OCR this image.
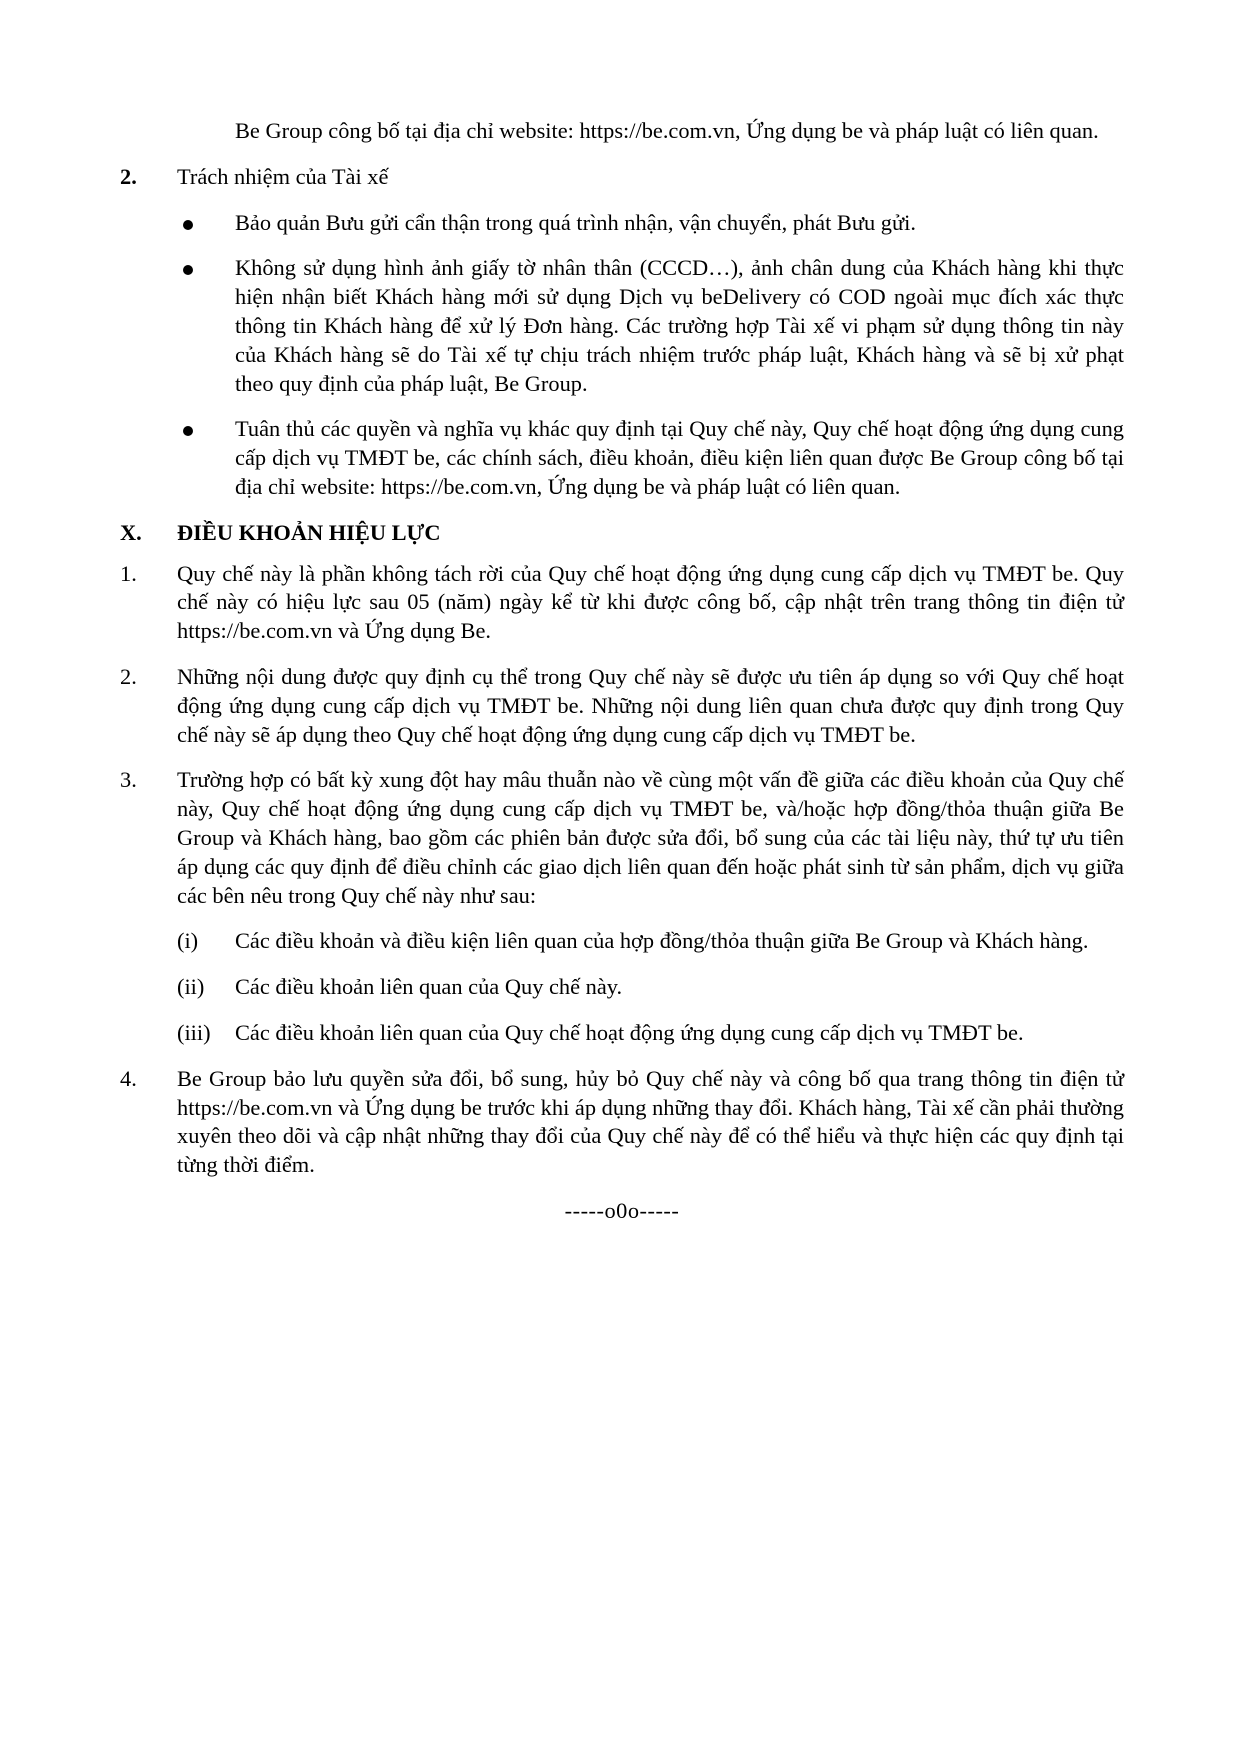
Be Group công bố tại địa chỉ website: https://be.com.vn, Ứng dụng be và pháp luật có liên quan.

2.	Trách nhiệm của Tài xế
Bảo quản Bưu gửi cẩn thận trong quá trình nhận, vận chuyển, phát Bưu gửi.
Không sử dụng hình ảnh giấy tờ nhân thân (CCCD…), ảnh chân dung của Khách hàng khi thực hiện nhận biết Khách hàng mới sử dụng Dịch vụ beDelivery có COD ngoài mục đích xác thực thông tin Khách hàng để xử lý Đơn hàng. Các trường hợp Tài xế vi phạm sử dụng thông tin này của Khách hàng sẽ do Tài xế tự chịu trách nhiệm trước pháp luật, Khách hàng và sẽ bị xử phạt theo quy định của pháp luật, Be Group.
Tuân thủ các quyền và nghĩa vụ khác quy định tại Quy chế này, Quy chế hoạt động ứng dụng cung cấp dịch vụ TMĐT be, các chính sách, điều khoản, điều kiện liên quan được Be Group công bố tại địa chỉ website: https://be.com.vn, Ứng dụng be và pháp luật có liên quan.
X.	ĐIỀU KHOẢN HIỆU LỰC
1.	Quy chế này là phần không tách rời của Quy chế hoạt động ứng dụng cung cấp dịch vụ TMĐT be. Quy chế này có hiệu lực sau 05 (năm) ngày kể từ khi được công bố, cập nhật trên trang thông tin điện tử https://be.com.vn và Ứng dụng Be.
2.	Những nội dung được quy định cụ thể trong Quy chế này sẽ được ưu tiên áp dụng so với Quy chế hoạt động ứng dụng cung cấp dịch vụ TMĐT be. Những nội dung liên quan chưa được quy định trong Quy chế này sẽ áp dụng theo Quy chế hoạt động ứng dụng cung cấp dịch vụ TMĐT be.
3.	Trường hợp có bất kỳ xung đột hay mâu thuẫn nào về cùng một vấn đề giữa các điều khoản của Quy chế này, Quy chế hoạt động ứng dụng cung cấp dịch vụ TMĐT be, và/hoặc hợp đồng/thỏa thuận giữa Be Group và Khách hàng, bao gồm các phiên bản được sửa đổi, bổ sung của các tài liệu này, thứ tự ưu tiên áp dụng các quy định để điều chỉnh các giao dịch liên quan đến hoặc phát sinh từ sản phẩm, dịch vụ giữa các bên nêu trong Quy chế này như sau:
(i)	Các điều khoản và điều kiện liên quan của hợp đồng/thỏa thuận giữa Be Group và Khách hàng.
(ii)	Các điều khoản liên quan của Quy chế này.
(iii)	Các điều khoản liên quan của Quy chế hoạt động ứng dụng cung cấp dịch vụ TMĐT be.
4.	Be Group bảo lưu quyền sửa đổi, bổ sung, hủy bỏ Quy chế này và công bố qua trang thông tin điện tử https://be.com.vn và Ứng dụng be trước khi áp dụng những thay đổi. Khách hàng, Tài xế cần phải thường xuyên theo dõi và cập nhật những thay đổi của Quy chế này để có thể hiểu và thực hiện các quy định tại từng thời điểm.

-----o0o-----
